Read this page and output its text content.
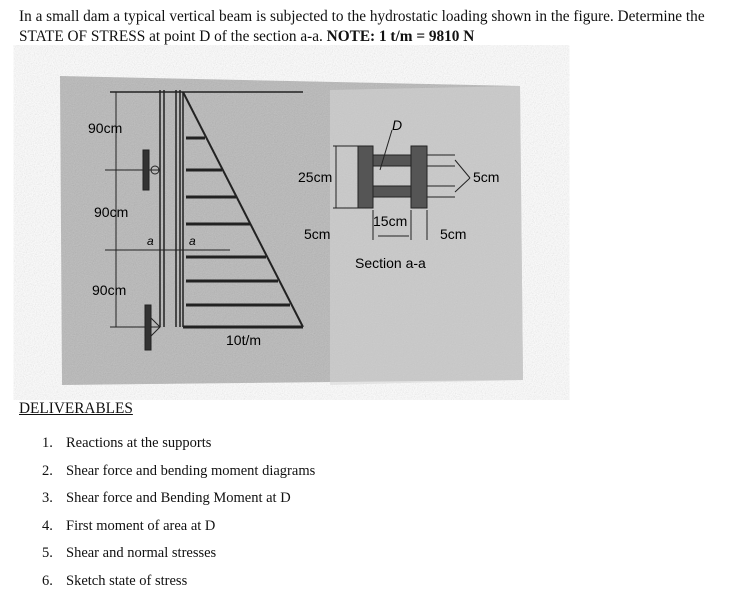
In a small dam a typical vertical beam is subjected to the hydrostatic loading shown in the figure. Determine the STATE OF STRESS at point D of the section a-a. NOTE: 1 t/m = 9810 N
90cm
90cm
90cm
a	a
10t/m
D
25cm	5cm
5cm
15cm
5cm
Section a-a
DELIVERABLES
1. Reactions at the supports
2. Shear force and bending moment diagrams
3. Shear force and Bending Moment at D
4. First moment of area at D
5. Shear and normal stresses
6. Sketch state of stress
